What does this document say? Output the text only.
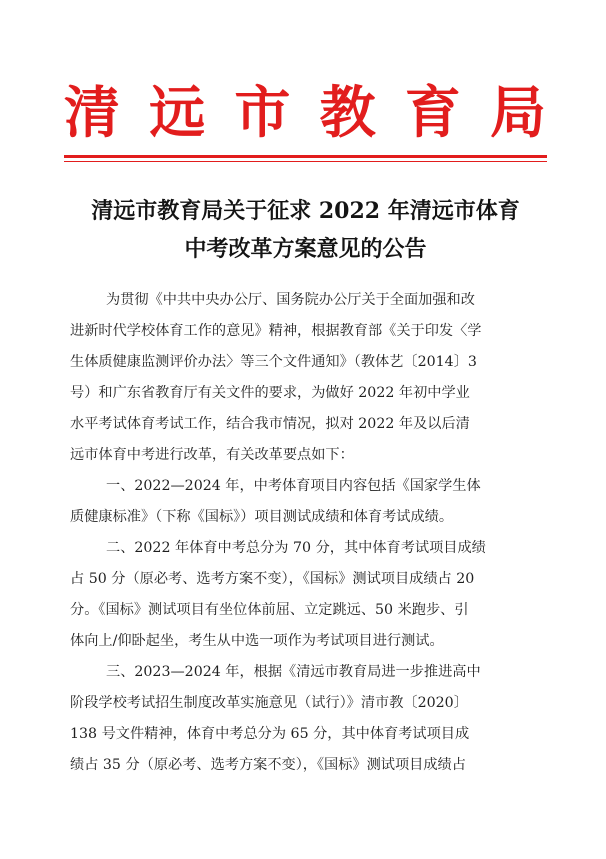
清 远 市 教 育 局
清远市教育局关于征求 2022 年清远市体育
中考改革方案意见的公告
为贯彻《中共中央办公厅、国务院办公厅关于全面加强和改
进新时代学校体育工作的意见》精神，根据教育部《关于印发〈学
生体质健康监测评价办法〉等三个文件通知》（教体艺〔2014〕3
号）和广东省教育厅有关文件的要求，为做好 2022 年初中学业
水平考试体育考试工作，结合我市情况，拟对 2022 年及以后清
远市体育中考进行改革，有关改革要点如下：
一、2022—2024 年，中考体育项目内容包括《国家学生体
质健康标准》（下称《国标》）项目测试成绩和体育考试成绩。
二、2022 年体育中考总分为 70 分，其中体育考试项目成绩
占 50 分（原必考、选考方案不变），《国标》测试项目成绩占 20
分。《国标》测试项目有坐位体前屈、立定跳远、50 米跑步、引
体向上/仰卧起坐，考生从中选一项作为考试项目进行测试。
三、2023—2024 年，根据《清远市教育局进一步推进高中
阶段学校考试招生制度改革实施意见（试行）》清市教〔2020〕
138 号文件精神，体育中考总分为 65 分，其中体育考试项目成
绩占 35 分（原必考、选考方案不变），《国标》测试项目成绩占
